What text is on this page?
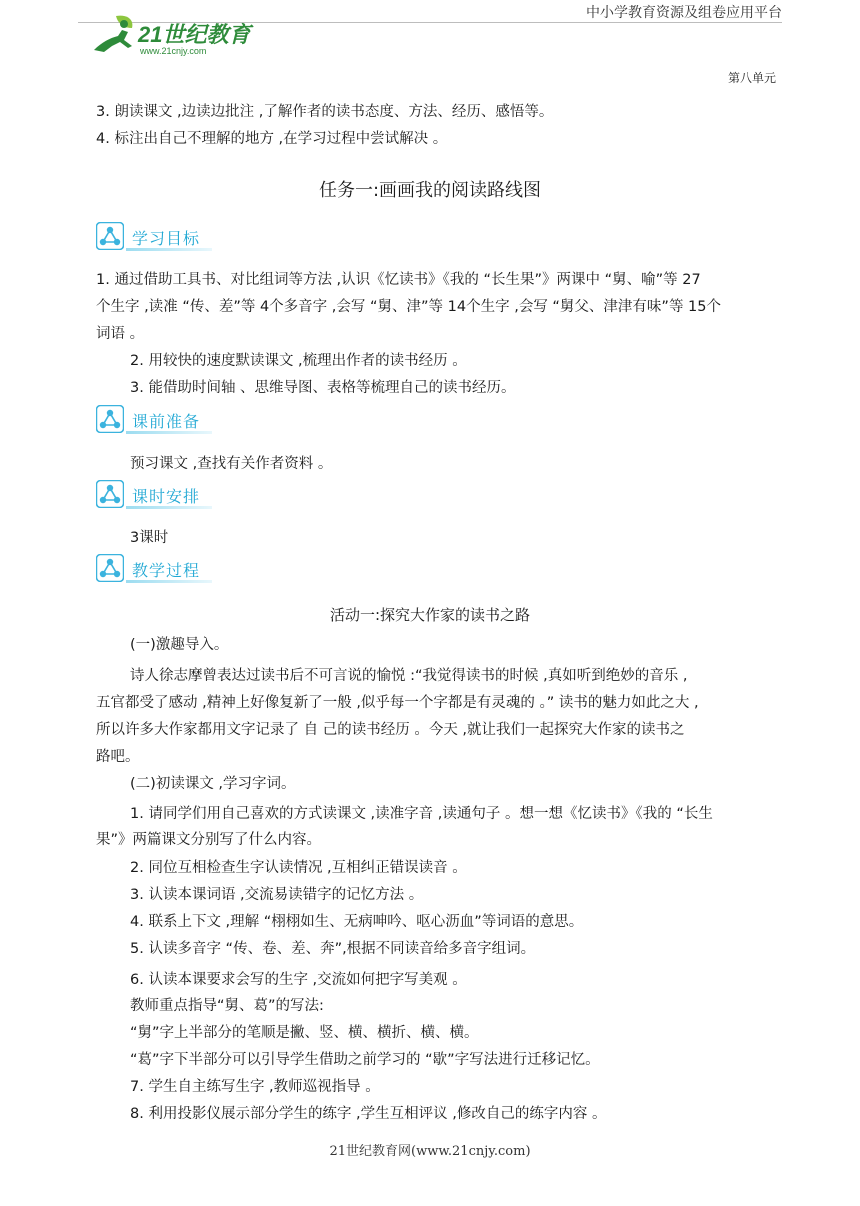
中小学教育资源及组卷应用平台
21世纪教育
www.21cnjy.com
第八单元
3. 朗读课文 ,边读边批注 ,了解作者的读书态度、方法、经历、感悟等。
4. 标注出自己不理解的地方 ,在学习过程中尝试解决 。
任务一:画画我的阅读路线图
学习目标
1. 通过借助工具书、对比组词等方法 ,认识《忆读书》《我的 “长生果”》两课中 “舅、喻”等 27
个生字 ,读准 “传、差”等 4个多音字 ,会写 “舅、津”等 14个生字 ,会写 “舅父、津津有味”等 15个
词语 。
2. 用较快的速度默读课文 ,梳理出作者的读书经历 。
3. 能借助时间轴 、思维导图、表格等梳理自己的读书经历。
课前准备
预习课文 ,查找有关作者资料 。
课时安排
3课时
教学过程
活动一:探究大作家的读书之路
(一)激趣导入。
诗人徐志摩曾表达过读书后不可言说的愉悦 :“我觉得读书的时候 ,真如听到绝妙的音乐 ,
五官都受了感动 ,精神上好像复新了一般 ,似乎每一个字都是有灵魂的 。” 读书的魅力如此之大 ,
所以许多大作家都用文字记录了 自 己的读书经历 。今天 ,就让我们一起探究大作家的读书之
路吧。
(二)初读课文 ,学习字词。
1. 请同学们用自己喜欢的方式读课文 ,读准字音 ,读通句子 。想一想《忆读书》《我的 “长生
果”》两篇课文分别写了什么内容。
2. 同位互相检查生字认读情况 ,互相纠正错误读音 。
3. 认读本课词语 ,交流易读错字的记忆方法 。
4. 联系上下文 ,理解 “栩栩如生、无病呻吟、呕心沥血”等词语的意思。
5. 认读多音字 “传、卷、差、奔”,根据不同读音给多音字组词。
6. 认读本课要求会写的生字 ,交流如何把字写美观 。
教师重点指导“舅、葛”的写法:
“舅”字上半部分的笔顺是撇、竖、横、横折、横、横。
“葛”字下半部分可以引导学生借助之前学习的 “歇”字写法进行迁移记忆。
7. 学生自主练写生字 ,教师巡视指导 。
8. 利用投影仪展示部分学生的练字 ,学生互相评议 ,修改自己的练字内容 。
21世纪教育网(www.21cnjy.com)
